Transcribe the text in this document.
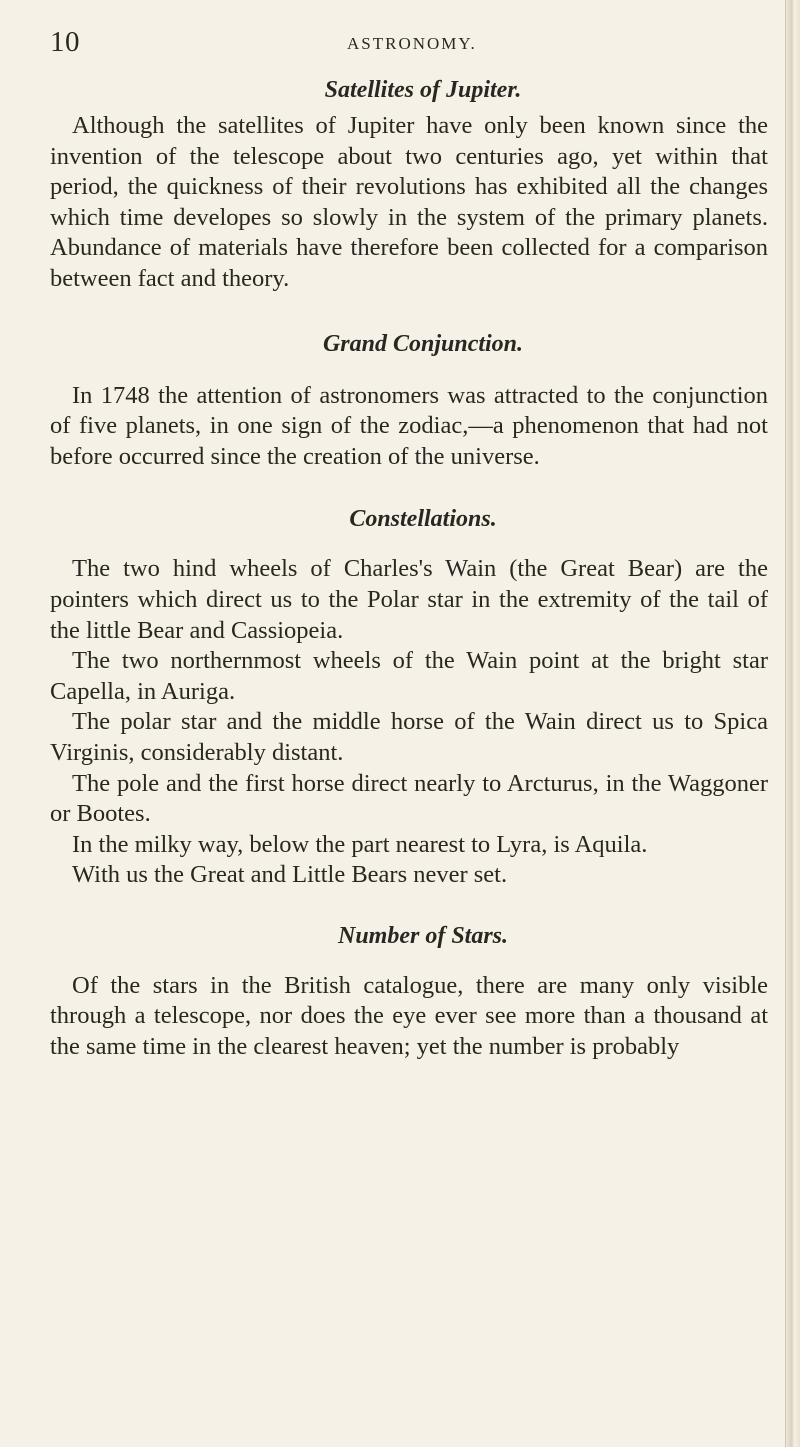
10	ASTRONOMY.
Satellites of Jupiter.

Although the satellites of Jupiter have only been known since the invention of the telescope about two centuries ago, yet within that period, the quickness of their revolutions has exhibited all the changes which time developes so slowly in the system of the primary planets. Abundance of materials have therefore been collected for a comparison between fact and theory.

Grand Conjunction.

In 1748 the attention of astronomers was attracted to the conjunction of five planets, in one sign of the zodiac,—a phenomenon that had not before occurred since the creation of the universe.

Constellations.

The two hind wheels of Charles's Wain (the Great Bear) are the pointers which direct us to the Polar star in the extremity of the tail of the little Bear and Cassiopeia.

The two northernmost wheels of the Wain point at the bright star Capella, in Auriga.

The polar star and the middle horse of the Wain direct us to Spica Virginis, considerably distant.

The pole and the first horse direct nearly to Arcturus, in the Waggoner or Bootes.

In the milky way, below the part nearest to Lyra, is Aquila.

With us the Great and Little Bears never set.

Number of Stars.

Of the stars in the British catalogue, there are many only visible through a telescope, nor does the eye ever see more than a thousand at the same time in the clearest heaven; yet the number is probably
